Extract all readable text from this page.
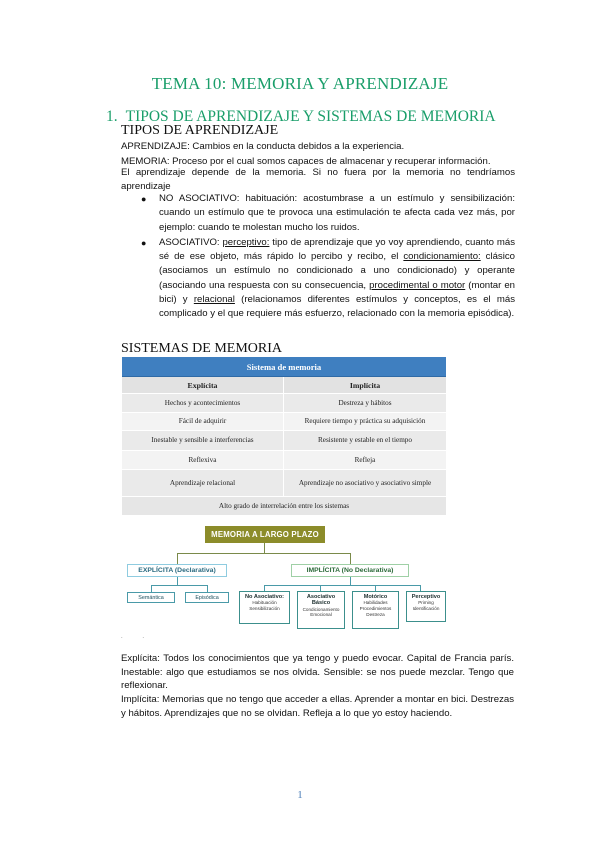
TEMA 10: MEMORIA Y APRENDIZAJE
1. TIPOS DE APRENDIZAJE Y SISTEMAS DE MEMORIA
TIPOS DE APRENDIZAJE
APRENDIZAJE: Cambios en la conducta debidos a la experiencia.
MEMORIA: Proceso por el cual somos capaces de almacenar y recuperar información.
El aprendizaje depende de la memoria. Si no fuera por la memoria no tendríamos aprendizaje
● NO ASOCIATIVO: habituación: acostumbrase a un estímulo y sensibilización: cuando un estímulo que te provoca una estimulación te afecta cada vez más, por ejemplo: cuando te molestan mucho los ruidos.
● ASOCIATIVO: perceptivo: tipo de aprendizaje que yo voy aprendiendo, cuanto más sé de ese objeto, más rápido lo percibo y recibo, el condicionamiento: clásico (asociamos un estímulo no condicionado a uno condicionado) y operante (asociando una respuesta con su consecuencia, procedimental o motor (montar en bici) y relacional (relacionamos diferentes estímulos y conceptos, es el más complicado y el que requiere más esfuerzo, relacionado con la memoria episódica).
SISTEMAS DE MEMORIA
Sistema de memoria
Explícita	Implícita
Hechos y acontecimientos	Destreza y hábitos
Fácil de adquirir	Requiere tiempo y práctica su adquisición
Inestable y sensible a interferencias	Resistente y estable en el tiempo
Reflexiva	Refleja
Aprendizaje relacional	Aprendizaje no asociativo y asociativo simple
Alto grado de interrelación entre los sistemas
MEMORIA A LARGO PLAZO
EXPLÍCITA (Declarativa)	IMPLÍCITA (No Declarativa)
Semántica	Episódica	No Asociativo:
Habituación
Sensibilización
Asociativo Básico
Condicionamiento
Emocional
Motórico
Habilidades
Procedimientos
Destreza
Perceptivo
Priming
Identificación
. .
Explícita: Todos los conocimientos que ya tengo y puedo evocar. Capital de Francia parís. Inestable: algo que estudiamos se nos olvida. Sensible: se nos puede mezclar. Tengo que reflexionar.
Implícita: Memorias que no tengo que acceder a ellas. Aprender a montar en bici. Destrezas y hábitos. Aprendizajes que no se olvidan. Refleja a lo que yo estoy haciendo.
1
